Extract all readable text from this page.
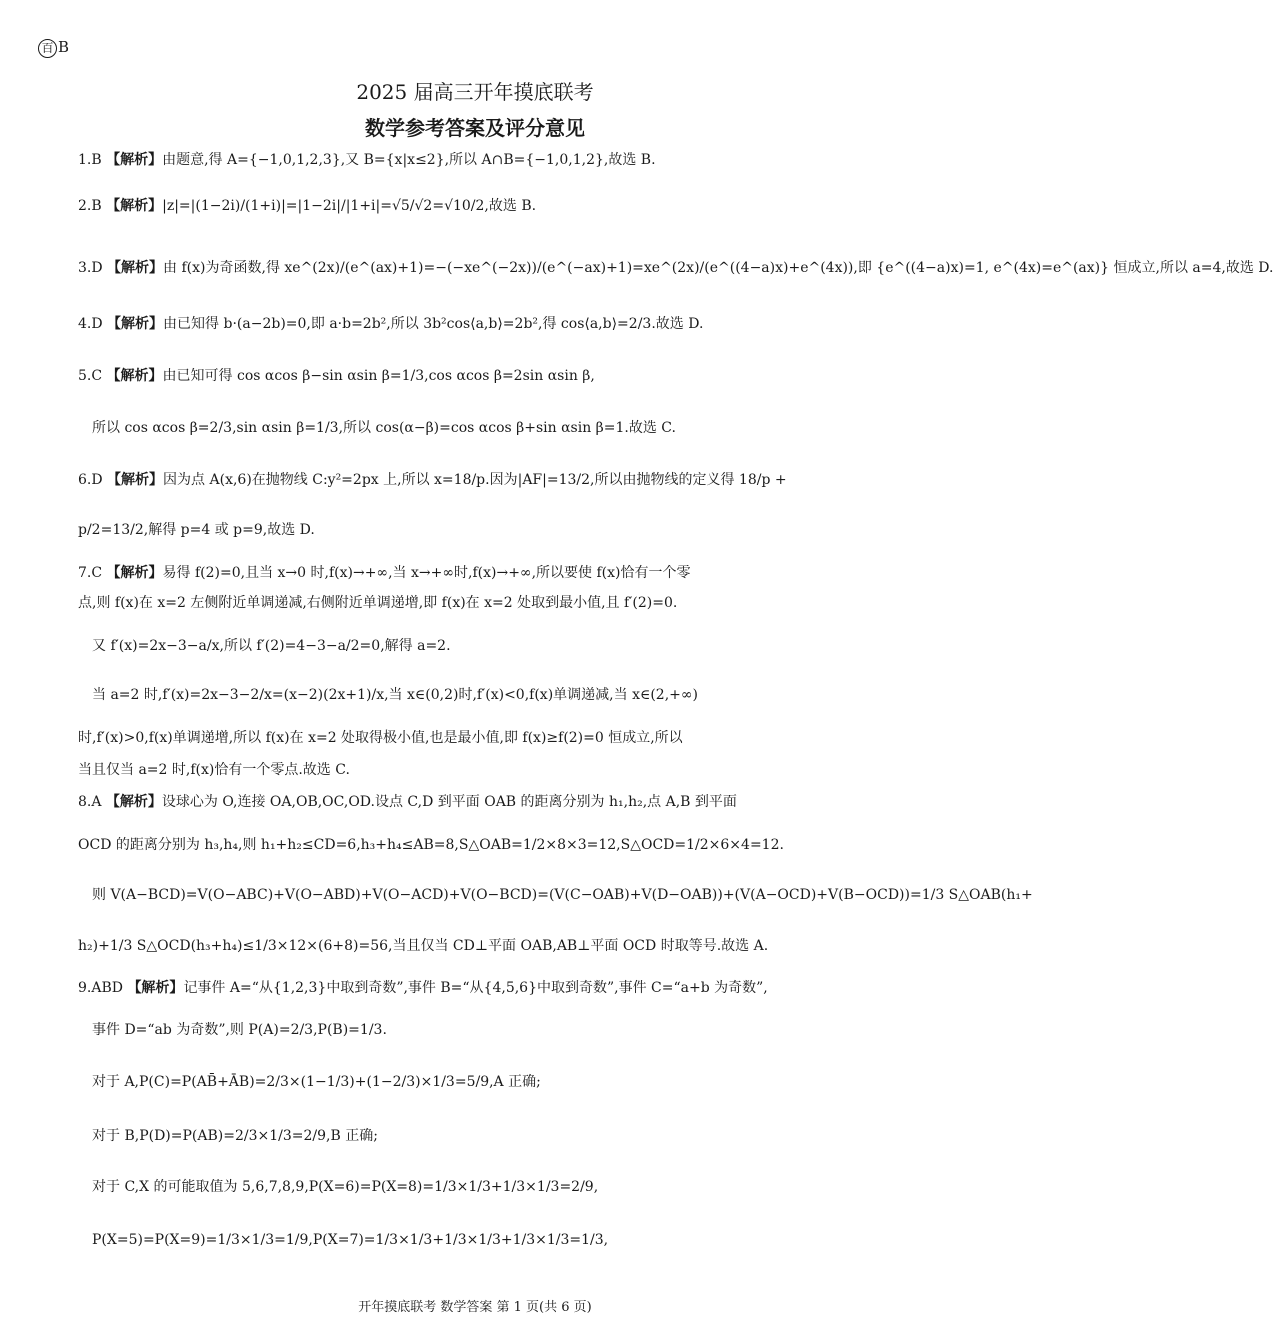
百 B
2025 届高三开年摸底联考
数学参考答案及评分意见
1.B 【解析】由题意,得 A={−1,0,1,2,3},又 B={x|x≤2},所以 A∩B={−1,0,1,2},故选 B.
2.B 【解析】|z|=|(1−2i)/(1+i)|=|1−2i|/|1+i|=√5/√2=√10/2,故选 B.
3.D 【解析】由 f(x)为奇函数,得 xe^(2x)/(e^(ax)+1)=−(−xe^(−2x))/(e^(−ax)+1)=xe^(2x)/(e^((4−a)x)+e^(4x)),即 {e^((4−a)x)=1, e^(4x)=e^(ax)} 恒成立,所以 a=4,故选 D.
4.D 【解析】由已知得 b·(a−2b)=0,即 a·b=2b²,所以 3b²cos⟨a,b⟩=2b²,得 cos⟨a,b⟩=2/3.故选 D.
5.C 【解析】由已知可得 cos αcos β−sin αsin β=1/3,cos αcos β=2sin αsin β,
所以 cos αcos β=2/3,sin αsin β=1/3,所以 cos(α−β)=cos αcos β+sin αsin β=1.故选 C.
6.D 【解析】因为点 A(x,6)在抛物线 C:y²=2px 上,所以 x=18/p.因为|AF|=13/2,所以由抛物线的定义得 18/p +
p/2=13/2,解得 p=4 或 p=9,故选 D.
7.C 【解析】易得 f(2)=0,且当 x→0 时,f(x)→+∞,当 x→+∞时,f(x)→+∞,所以要使 f(x)恰有一个零
点,则 f(x)在 x=2 左侧附近单调递减,右侧附近单调递增,即 f(x)在 x=2 处取到最小值,且 f′(2)=0.
又 f′(x)=2x−3−a/x,所以 f′(2)=4−3−a/2=0,解得 a=2.
当 a=2 时,f′(x)=2x−3−2/x=(x−2)(2x+1)/x,当 x∈(0,2)时,f′(x)<0,f(x)单调递减,当 x∈(2,+∞)
时,f′(x)>0,f(x)单调递增,所以 f(x)在 x=2 处取得极小值,也是最小值,即 f(x)≥f(2)=0 恒成立,所以
当且仅当 a=2 时,f(x)恰有一个零点.故选 C.
8.A 【解析】设球心为 O,连接 OA,OB,OC,OD.设点 C,D 到平面 OAB 的距离分别为 h₁,h₂,点 A,B 到平面
OCD 的距离分别为 h₃,h₄,则 h₁+h₂≤CD=6,h₃+h₄≤AB=8,S△OAB=1/2×8×3=12,S△OCD=1/2×6×4=12.
则 V(A−BCD)=V(O−ABC)+V(O−ABD)+V(O−ACD)+V(O−BCD)=(V(C−OAB)+V(D−OAB))+(V(A−OCD)+V(B−OCD))=1/3 S△OAB(h₁+
h₂)+1/3 S△OCD(h₃+h₄)≤1/3×12×(6+8)=56,当且仅当 CD⊥平面 OAB,AB⊥平面 OCD 时取等号.故选 A.
9.ABD 【解析】记事件 A=“从{1,2,3}中取到奇数”,事件 B=“从{4,5,6}中取到奇数”,事件 C=“a+b 为奇数”,
事件 D=“ab 为奇数”,则 P(A)=2/3,P(B)=1/3.
对于 A,P(C)=P(AB̄+ĀB)=2/3×(1−1/3)+(1−2/3)×1/3=5/9,A 正确;
对于 B,P(D)=P(AB)=2/3×1/3=2/9,B 正确;
对于 C,X 的可能取值为 5,6,7,8,9,P(X=6)=P(X=8)=1/3×1/3+1/3×1/3=2/9,
P(X=5)=P(X=9)=1/3×1/3=1/9,P(X=7)=1/3×1/3+1/3×1/3+1/3×1/3=1/3,
开年摸底联考 数学答案 第 1 页(共 6 页)
